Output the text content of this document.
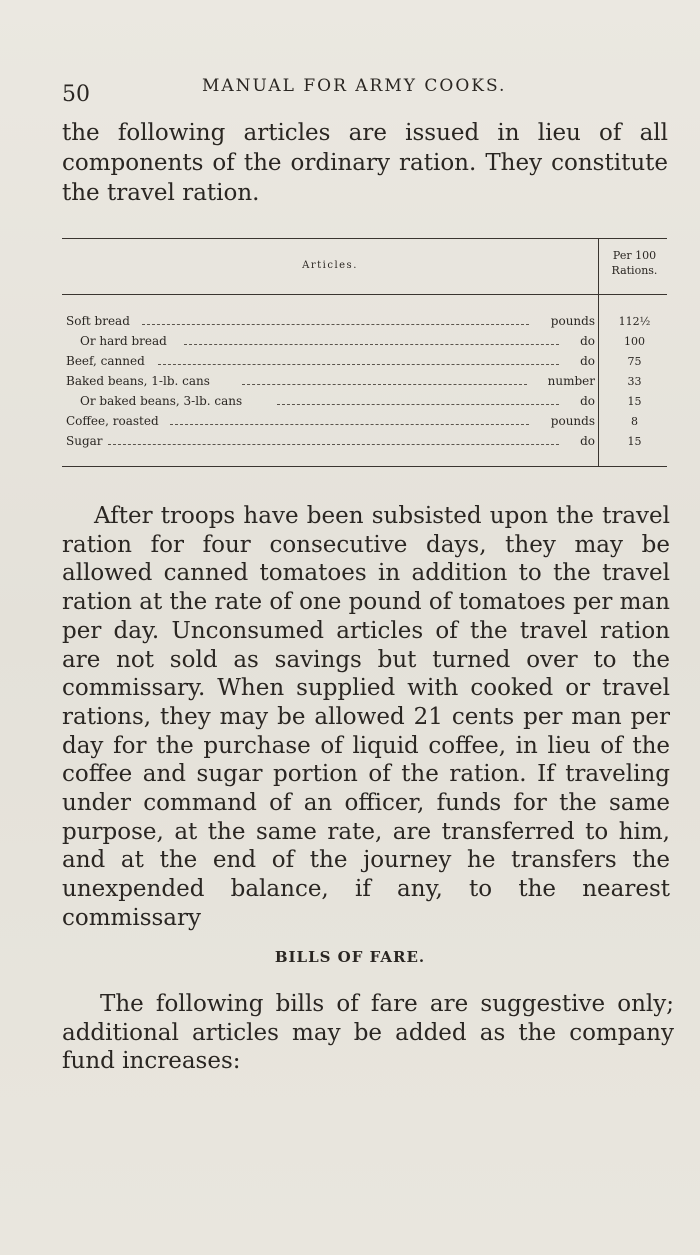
50	MANUAL FOR ARMY COOKS.

the following articles are issued in lieu of all components of the ordinary ration. They constitute the travel ration.

Articles.
Per 100
Rations.
Soft bread	pounds	112½
Or hard bread	do	100
Beef, canned	do	75
Baked beans, 1-lb. cans	number	33
Or baked beans, 3-lb. cans	do	15
Coffee, roasted	pounds	8
Sugar	do	15

After troops have been subsisted upon the travel ration for four consecutive days, they may be allowed canned tomatoes in addition to the travel ration at the rate of one pound of tomatoes per man per day. Unconsumed articles of the travel ration are not sold as savings but turned over to the commissary. When supplied with cooked or travel rations, they may be allowed 21 cents per man per day for the purchase of liquid coffee, in lieu of the coffee and sugar portion of the ration. If traveling under command of an officer, funds for the same purpose, at the same rate, are transferred to him, and at the end of the journey he transfers the unexpended balance, if any, to the nearest commissary

BILLS OF FARE.

The following bills of fare are suggestive only; additional articles may be added as the company fund increases:
